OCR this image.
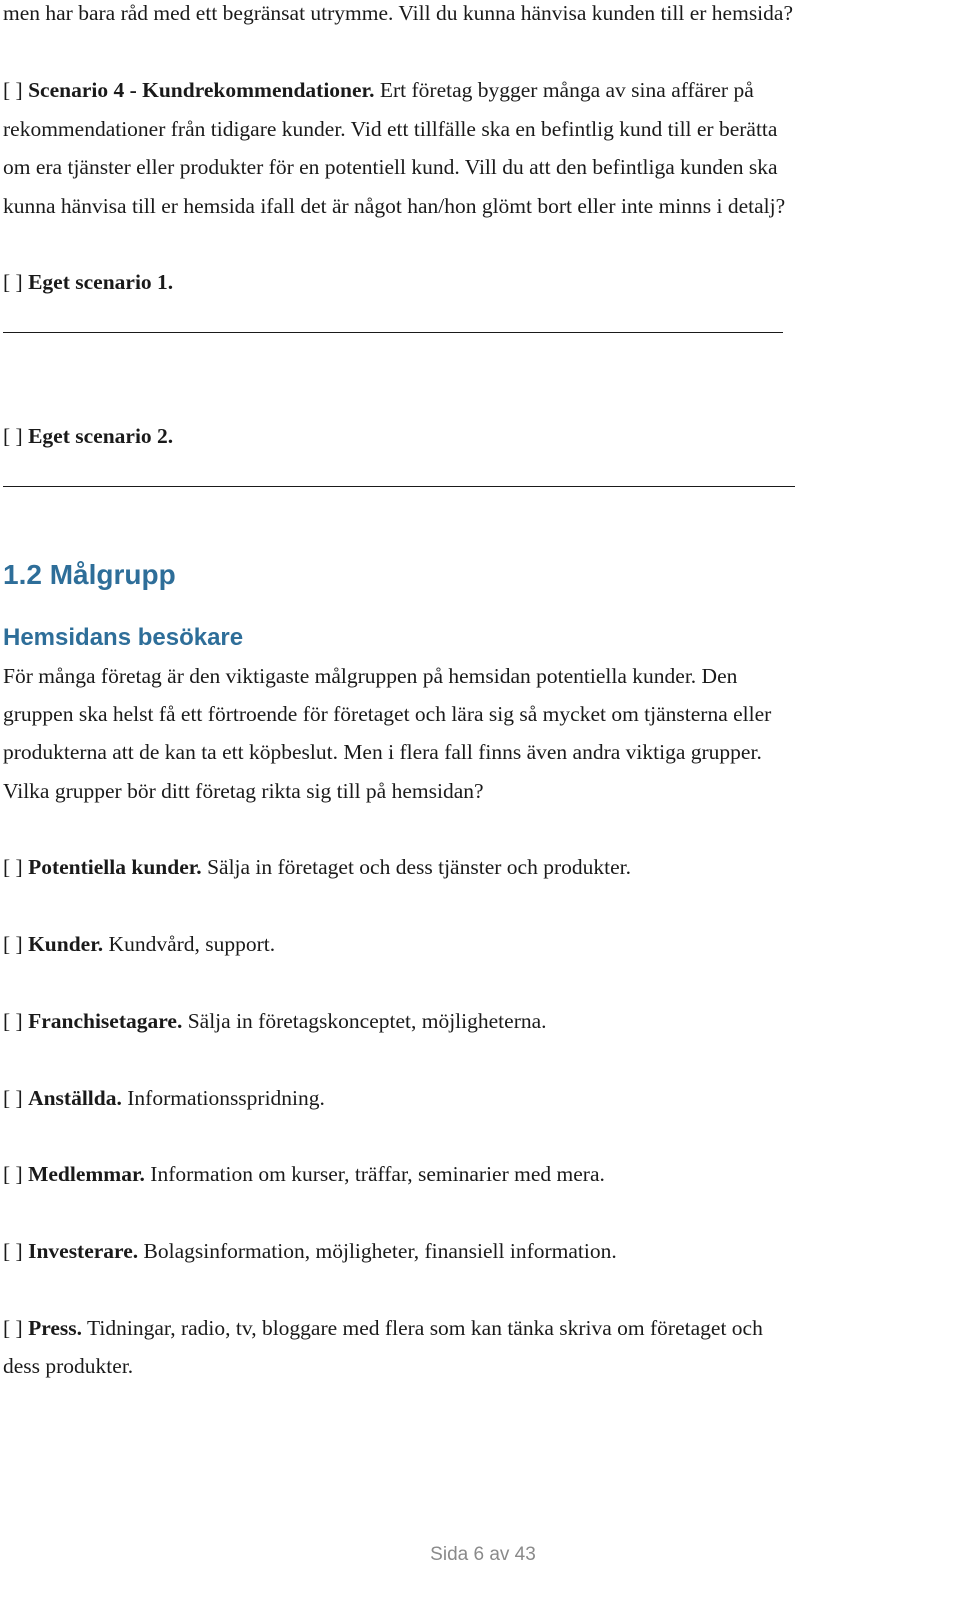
men har bara råd med ett begränsat utrymme. Vill du kunna hänvisa kunden till er hemsida?
[ ] Scenario 4 - Kundrekommendationer. Ert företag bygger många av sina affärer på
rekommendationer från tidigare kunder. Vid ett tillfälle ska en befintlig kund till er berätta
om era tjänster eller produkter för en potentiell kund. Vill du att den befintliga kunden ska
kunna hänvisa till er hemsida ifall det är något han/hon glömt bort eller inte minns i detalj?
[ ] Eget scenario 1.
[ ] Eget scenario 2.
1.2 Målgrupp
Hemsidans besökare
För många företag är den viktigaste målgruppen på hemsidan potentiella kunder. Den
gruppen ska helst få ett förtroende för företaget och lära sig så mycket om tjänsterna eller
produkterna att de kan ta ett köpbeslut. Men i flera fall finns även andra viktiga grupper.
Vilka grupper bör ditt företag rikta sig till på hemsidan?
[ ] Potentiella kunder. Sälja in företaget och dess tjänster och produkter.
[ ] Kunder. Kundvård, support.
[ ] Franchisetagare. Sälja in företagskonceptet, möjligheterna.
[ ] Anställda. Informationsspridning.
[ ] Medlemmar. Information om kurser, träffar, seminarier med mera.
[ ] Investerare. Bolagsinformation, möjligheter, finansiell information.
[ ] Press. Tidningar, radio, tv, bloggare med flera som kan tänka skriva om företaget och
dess produkter.
Sida 6 av 43
